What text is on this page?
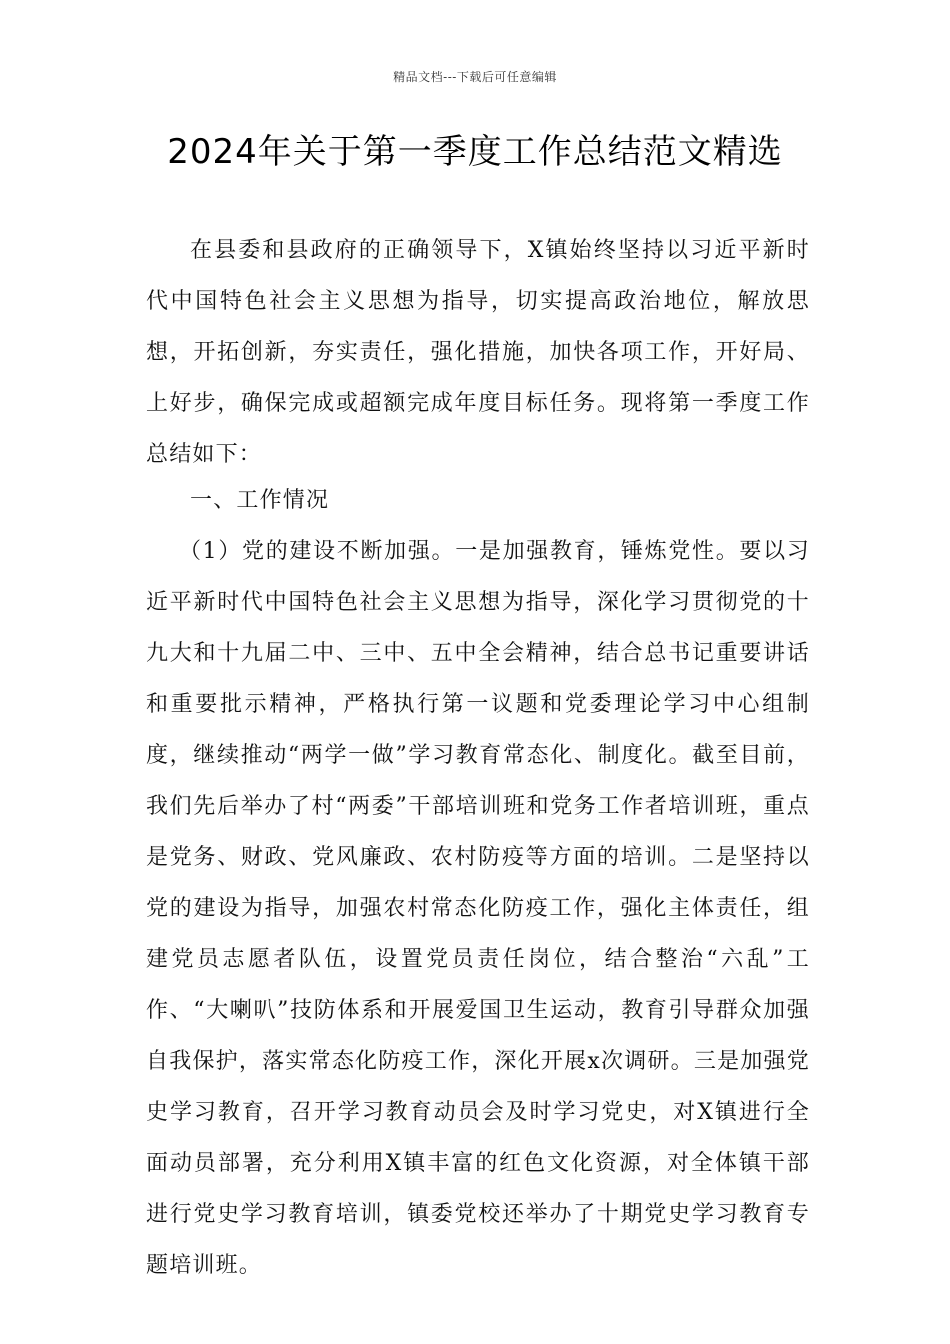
精品文档---下载后可任意编辑
2024年关于第一季度工作总结范文精选

在县委和县政府的正确领导下，X镇始终坚持以习近平新时代中国特色社会主义思想为指导，切实提高政治地位，解放思想，开拓创新，夯实责任，强化措施，加快各项工作，开好局、上好步，确保完成或超额完成年度目标任务。现将第一季度工作总结如下：

一、工作情况

（1）党的建设不断加强。一是加强教育，锤炼党性。要以习近平新时代中国特色社会主义思想为指导，深化学习贯彻党的十九大和十九届二中、三中、五中全会精神，结合总书记重要讲话和重要批示精神，严格执行第一议题和党委理论学习中心组制度，继续推动“两学一做”学习教育常态化、制度化。截至目前，我们先后举办了村“两委”干部培训班和党务工作者培训班，重点是党务、财政、党风廉政、农村防疫等方面的培训。二是坚持以党的建设为指导，加强农村常态化防疫工作，强化主体责任，组建党员志愿者队伍，设置党员责任岗位，结合整治“六乱”工作、“大喇叭”技防体系和开展爱国卫生运动，教育引导群众加强自我保护，落实常态化防疫工作，深化开展x次调研。三是加强党史学习教育，召开学习教育动员会及时学习党史，对X镇进行全面动员部署，充分利用X镇丰富的红色文化资源，对全体镇干部进行党史学习教育培训，镇委党校还举办了十期党史学习教育专题培训班。
